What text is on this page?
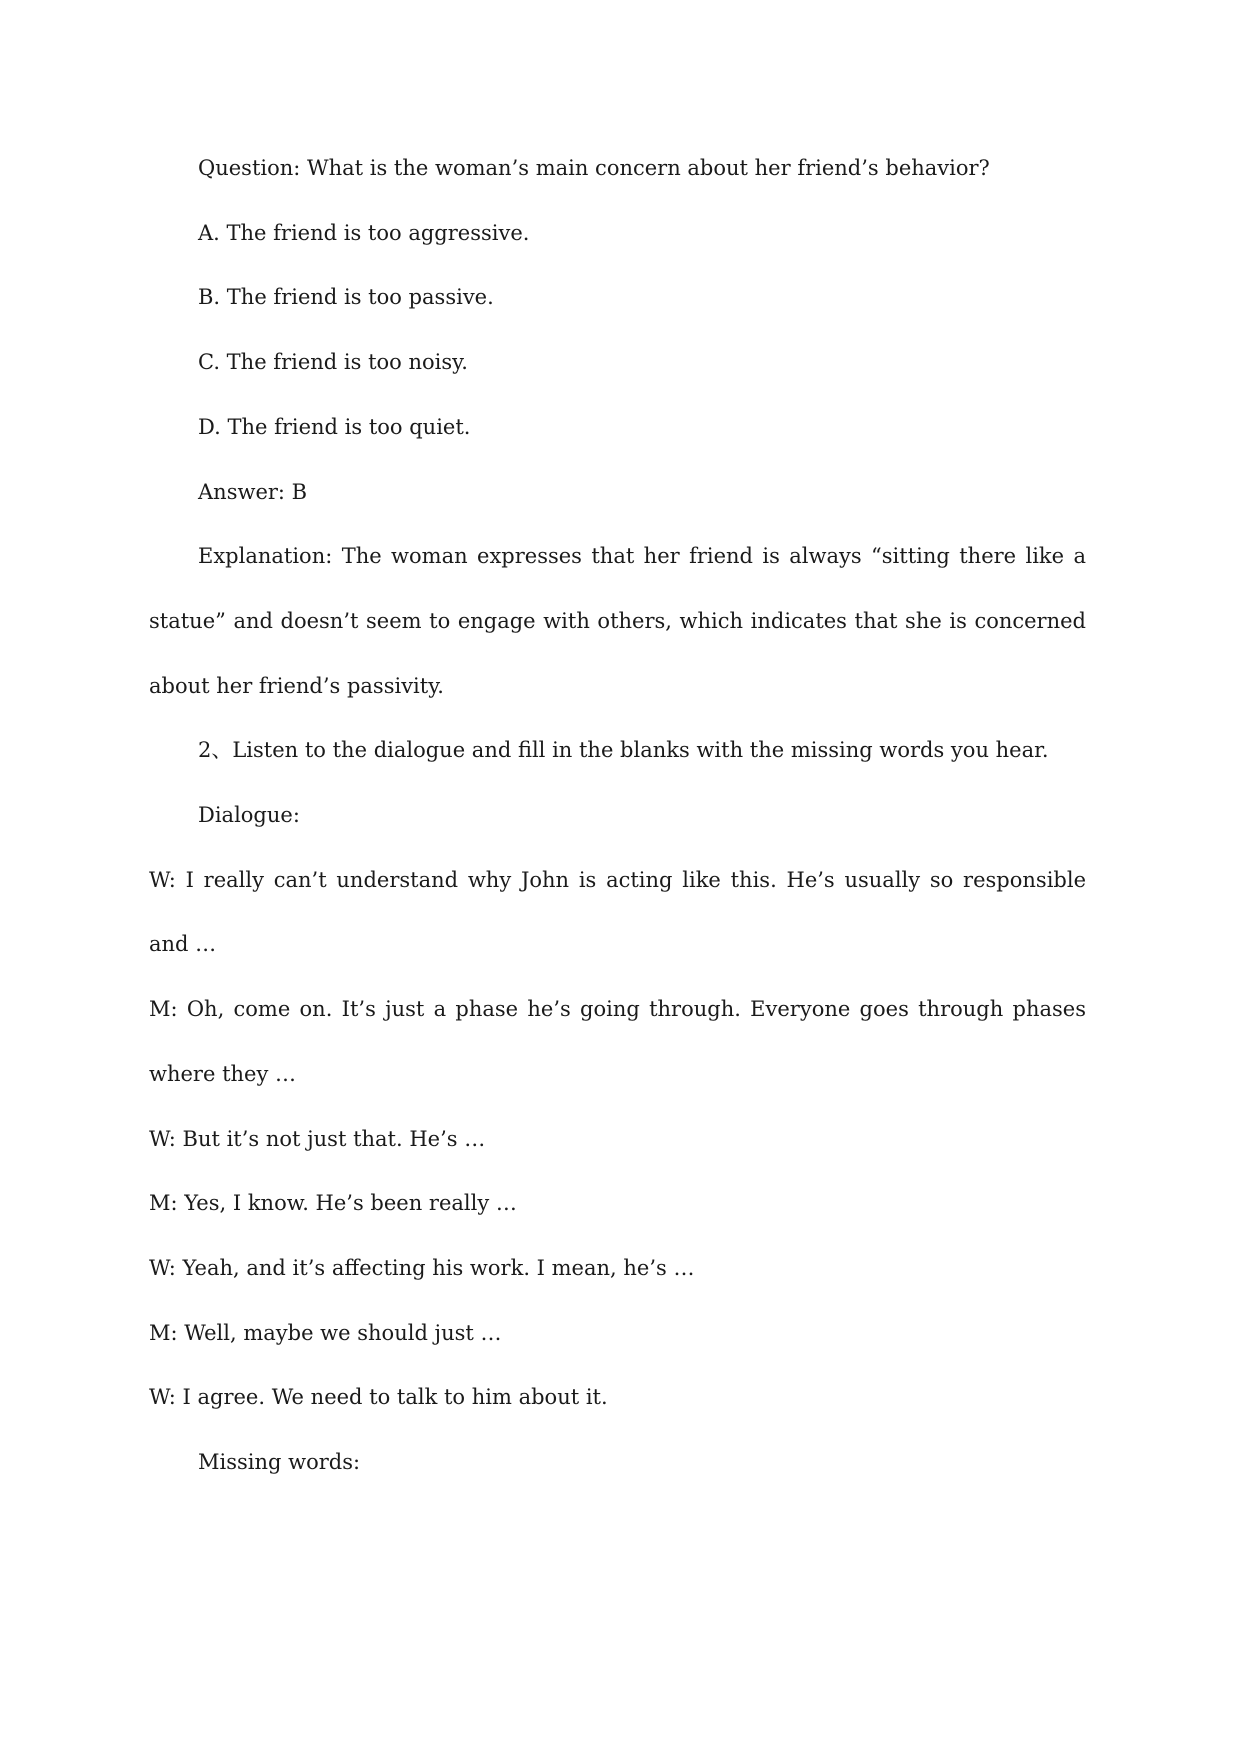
Question: What is the woman’s main concern about her friend’s behavior?

A. The friend is too aggressive.

B. The friend is too passive.

C. The friend is too noisy.

D. The friend is too quiet.

Answer: B

Explanation: The woman expresses that her friend is always “sitting there like a statue” and doesn’t seem to engage with others, which indicates that she is concerned about her friend’s passivity.

2、Listen to the dialogue and fill in the blanks with the missing words you hear.

Dialogue:

W: I really can’t understand why John is acting like this. He’s usually so responsible and …

M: Oh, come on. It’s just a phase he’s going through. Everyone goes through phases where they …

W: But it’s not just that. He’s …

M: Yes, I know. He’s been really …

W: Yeah, and it’s affecting his work. I mean, he’s …

M: Well, maybe we should just …

W: I agree. We need to talk to him about it.

Missing words:
